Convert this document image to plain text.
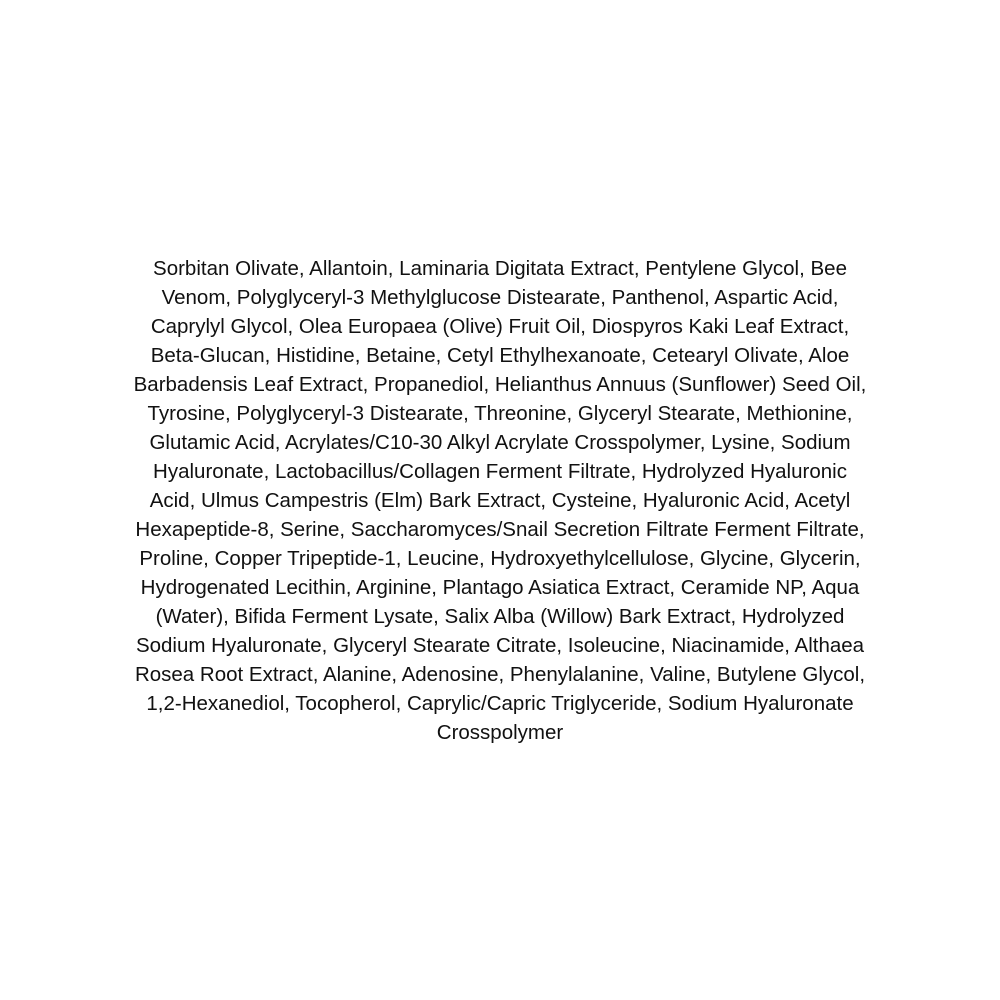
Sorbitan Olivate, Allantoin, Laminaria Digitata Extract, Pentylene Glycol, Bee
Venom, Polyglyceryl-3 Methylglucose Distearate, Panthenol, Aspartic Acid,
Caprylyl Glycol, Olea Europaea (Olive) Fruit Oil, Diospyros Kaki Leaf Extract,
Beta-Glucan, Histidine, Betaine, Cetyl Ethylhexanoate, Cetearyl Olivate, Aloe
Barbadensis Leaf Extract, Propanediol, Helianthus Annuus (Sunflower) Seed Oil,
Tyrosine, Polyglyceryl-3 Distearate, Threonine, Glyceryl Stearate, Methionine,
Glutamic Acid, Acrylates/C10-30 Alkyl Acrylate Crosspolymer, Lysine, Sodium
Hyaluronate, Lactobacillus/Collagen Ferment Filtrate, Hydrolyzed Hyaluronic
Acid, Ulmus Campestris (Elm) Bark Extract, Cysteine, Hyaluronic Acid, Acetyl
Hexapeptide-8, Serine, Saccharomyces/Snail Secretion Filtrate Ferment Filtrate,
Proline, Copper Tripeptide-1, Leucine, Hydroxyethylcellulose, Glycine, Glycerin,
Hydrogenated Lecithin, Arginine, Plantago Asiatica Extract, Ceramide NP, Aqua
(Water), Bifida Ferment Lysate, Salix Alba (Willow) Bark Extract, Hydrolyzed
Sodium Hyaluronate, Glyceryl Stearate Citrate, Isoleucine, Niacinamide, Althaea
Rosea Root Extract, Alanine, Adenosine, Phenylalanine, Valine, Butylene Glycol,
1,2-Hexanediol, Tocopherol, Caprylic/Capric Triglyceride, Sodium Hyaluronate
Crosspolymer
